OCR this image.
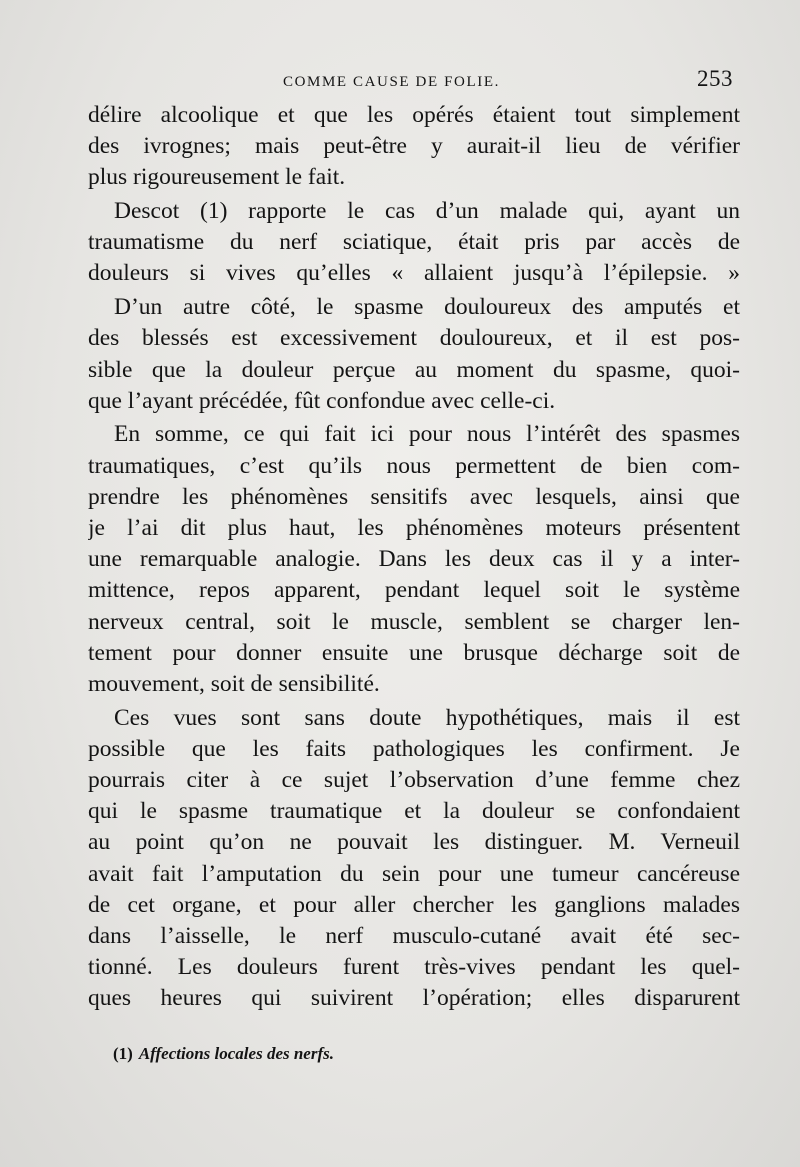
COMME CAUSE DE FOLIE.	253
délire alcoolique et que les opérés étaient tout simplement
des ivrognes; mais peut-être y aurait-il lieu de vérifier
plus rigoureusement le fait.
Descot (1) rapporte le cas d’un malade qui, ayant un
traumatisme du nerf sciatique, était pris par accès de
douleurs si vives qu’elles « allaient jusqu’à l’épilepsie. »
D’un autre côté, le spasme douloureux des amputés et
des blessés est excessivement douloureux, et il est pos-
sible que la douleur perçue au moment du spasme, quoi-
que l’ayant précédée, fût confondue avec celle-ci.
En somme, ce qui fait ici pour nous l’intérêt des spasmes
traumatiques, c’est qu’ils nous permettent de bien com-
prendre les phénomènes sensitifs avec lesquels, ainsi que
je l’ai dit plus haut, les phénomènes moteurs présentent
une remarquable analogie. Dans les deux cas il y a inter-
mittence, repos apparent, pendant lequel soit le système
nerveux central, soit le muscle, semblent se charger len-
tement pour donner ensuite une brusque décharge soit de
mouvement, soit de sensibilité.
Ces vues sont sans doute hypothétiques, mais il est
possible que les faits pathologiques les confirment. Je
pourrais citer à ce sujet l’observation d’une femme chez
qui le spasme traumatique et la douleur se confondaient
au point qu’on ne pouvait les distinguer. M. Verneuil
avait fait l’amputation du sein pour une tumeur cancéreuse
de cet organe, et pour aller chercher les ganglions malades
dans l’aisselle, le nerf musculo-cutané avait été sec-
tionné. Les douleurs furent très-vives pendant les quel-
ques heures qui suivirent l’opération; elles disparurent
(1) Affections locales des nerfs.
